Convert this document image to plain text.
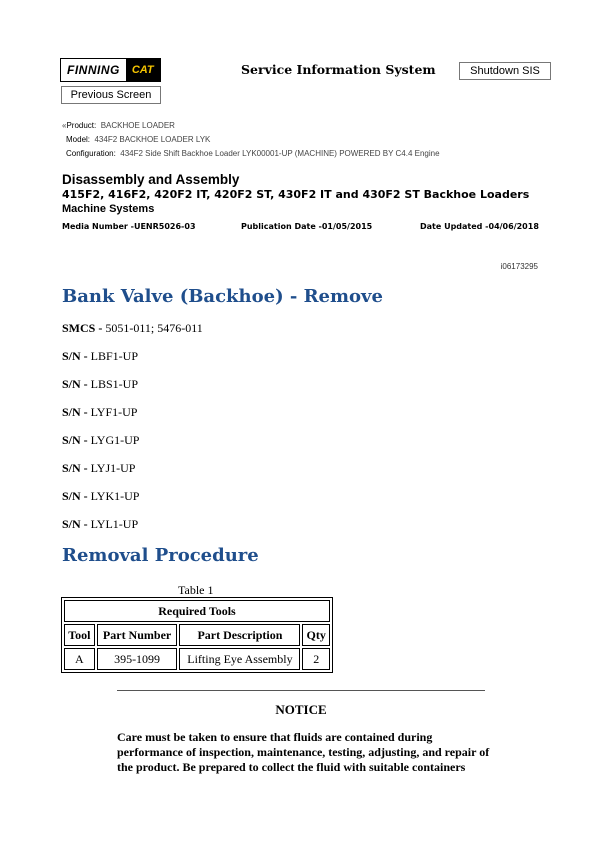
FINNING	CAT	Service Information System	Shutdown SIS
Previous Screen
«Product: BACKHOE LOADER
Model: 434F2 BACKHOE LOADER LYK
Configuration: 434F2 Side Shift Backhoe Loader LYK00001-UP (MACHINE) POWERED BY C4.4 Engine
Disassembly and Assembly
415F2, 416F2, 420F2 IT, 420F2 ST, 430F2 IT and 430F2 ST Backhoe Loaders
Machine Systems
Media Number -UENR5026-03	Publication Date -01/05/2015	Date Updated -04/06/2018
i06173295
Bank Valve (Backhoe) - Remove
SMCS - 5051-011; 5476-011
S/N - LBF1-UP
S/N - LBS1-UP
S/N - LYF1-UP
S/N - LYG1-UP
S/N - LYJ1-UP
S/N - LYK1-UP
S/N - LYL1-UP
Removal Procedure
Table 1
Required Tools			
Tool	Part Number	Part Description	Qty
A	395-1099	Lifting Eye Assembly	2
NOTICE
Care must be taken to ensure that fluids are contained during performance of inspection, maintenance, testing, adjusting, and repair of the product. Be prepared to collect the fluid with suitable containers
